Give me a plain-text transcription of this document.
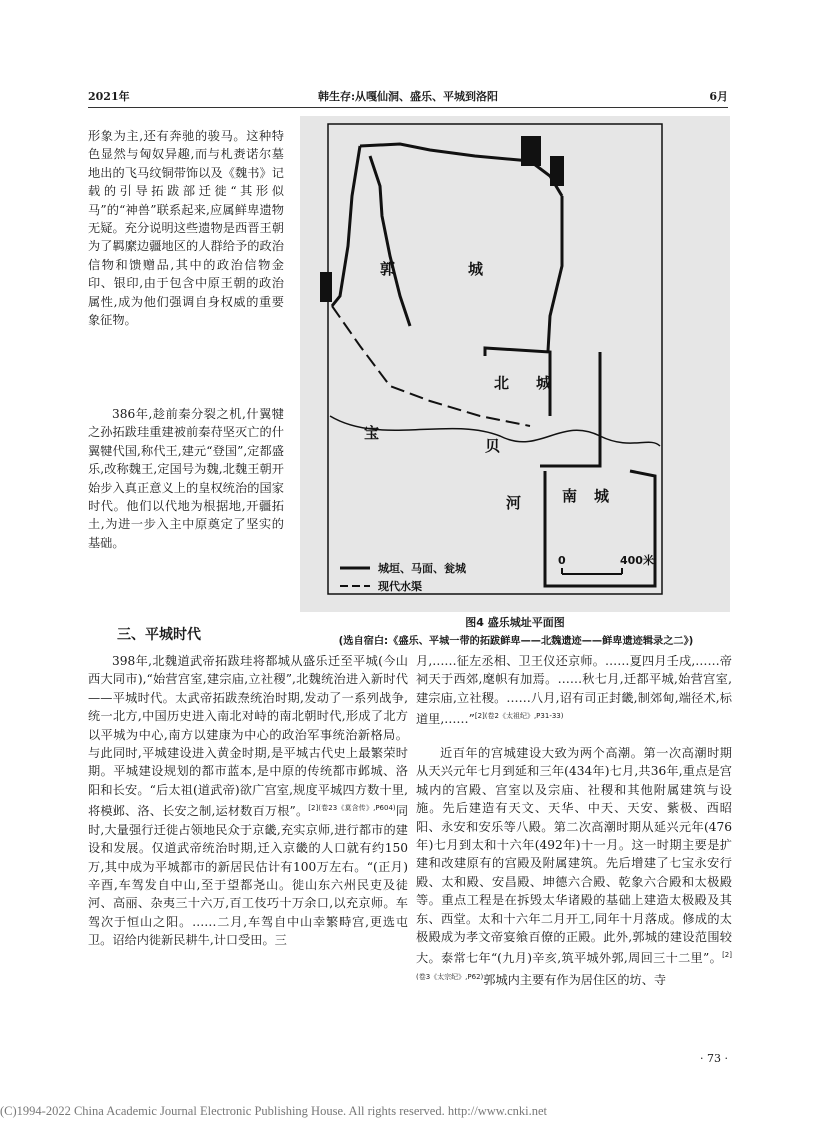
2021年	韩生存:从嘎仙洞、盛乐、平城到洛阳	6月

形象为主,还有奔驰的骏马。这种特色显然与匈奴异趣,而与札赉诺尔墓地出的飞马纹铜带饰以及《魏书》记载的引导拓跋部迁徙“其形似马”的“神兽”联系起来,应属鲜卑遗物无疑。充分说明这些遗物是西晋王朝为了羁縻边疆地区的人群给予的政治信物和馈赠品,其中的政治信物金印、银印,由于包含中原王朝的政治属性,成为他们强调自身权威的重要象征物。

386年,趁前秦分裂之机,什翼犍之孙拓跋珪重建被前秦苻坚灭亡的什翼犍代国,称代王,建元“登国”,定都盛乐,改称魏王,定国号为魏,北魏王朝开始步入真正意义上的皇权统治的国家时代。他们以代地为根据地,开疆拓土,为进一步入主中原奠定了坚实的基础。

郭	城
北 城
宝
贝
河	南 城
城垣、马面、瓮城
现代水渠
0	400米
图4 盛乐城址平面图
(选自宿白:《盛乐、平城一带的拓跋鲜卑——北魏遗迹——鲜卑遗迹辑录之二》)
三、平城时代

398年,北魏道武帝拓跋珪将都城从盛乐迁至平城(今山西大同市),“始营宫室,建宗庙,立社稷”,北魏统治进入新时代——平城时代。太武帝拓跋焘统治时期,发动了一系列战争,统一北方,中国历史进入南北对峙的南北朝时代,形成了北方以平城为中心,南方以建康为中心的政治军事统治新格局。与此同时,平城建设进入黄金时期,是平城古代史上最繁荣时期。平城建设规划的都市蓝本,是中原的传统都市邺城、洛阳和长安。“后太祖(道武帝)欲广宫室,规度平城四方数十里,将模邺、洛、长安之制,运材数百万根”。$^{[2](卷23《莫含传》,P604)}$同时,大量强行迁徙占领地民众于京畿,充实京师,进行都市的建设和发展。仅道武帝统治时期,迁入京畿的人口就有约150万,其中成为平城都市的新居民估计有100万左右。“(正月)辛酉,车驾发自中山,至于望都尧山。徙山东六州民吏及徒河、高丽、杂夷三十六万,百工伎巧十万余口,以充京师。车驾次于恒山之阳。……二月,车驾自中山幸繁畤宫,更选屯卫。诏给内徙新民耕牛,计口受田。三

月,……征左丞相、卫王仪还京师。……夏四月壬戌,……帝祠天于西郊,麾帜有加焉。……秋七月,迁都平城,始营宫室,建宗庙,立社稷。……八月,诏有司正封畿,制郊甸,端径术,标道里,……”$^{[2](卷2《太祖纪》,P31-33)}$

近百年的宫城建设大致为两个高潮。第一次高潮时期从天兴元年七月到延和三年(434年)七月,共36年,重点是宫城内的宫殿、宫室以及宗庙、社稷和其他附属建筑与设施。先后建造有天文、天华、中天、天安、紫极、西昭阳、永安和安乐等八殿。第二次高潮时期从延兴元年(476年)七月到太和十六年(492年)十一月。这一时期主要是扩建和改建原有的宫殿及附属建筑。先后增建了七宝永安行殿、太和殿、安昌殿、坤德六合殿、乾象六合殿和太极殿等。重点工程是在拆毁太华诸殿的基础上建造太极殿及其东、西堂。太和十六年二月开工,同年十月落成。修成的太极殿成为孝文帝宴飨百僚的正殿。此外,郭城的建设范围较大。泰常七年“(九月)辛亥,筑平城外郭,周回三十二里”。$^{[2](卷3《太宗纪》,P62)}$郭城内主要有作为居住区的坊、寺

· 73 ·
(C)1994-2022 China Academic Journal Electronic Publishing House. All rights reserved. http://www.cnki.net
